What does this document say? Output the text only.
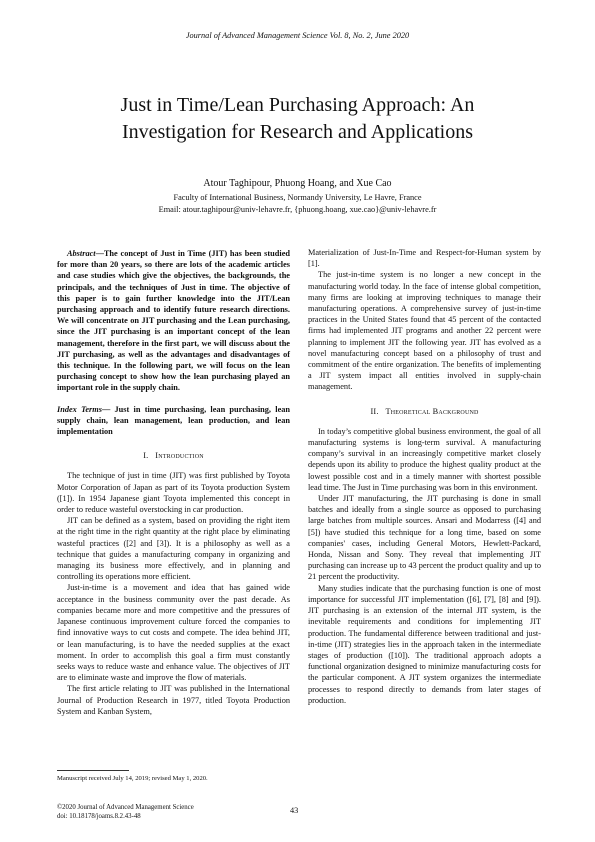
Journal of Advanced Management Science Vol. 8, No. 2, June 2020
Just in Time/Lean Purchasing Approach: An
Investigation for Research and Applications
Atour Taghipour, Phuong Hoang, and Xue Cao
Faculty of International Business, Normandy University, Le Havre, France
Email: atour.taghipour@univ-lehavre.fr, {phuong.hoang, xue.cao}@univ-lehavre.fr

Abstract—The concept of Just in Time (JIT) has been studied for more than 20 years, so there are lots of the academic articles and case studies which give the objectives, the backgrounds, the principals, and the techniques of Just in time. The objective of this paper is to gain further knowledge into the JIT/Lean purchasing approach and to identify future research directions. We will concentrate on JIT purchasing and the Lean purchasing, since the JIT purchasing is an important concept of the lean management, therefore in the first part, we will discuss about the JIT purchasing, as well as the advantages and disadvantages of this technique. In the following part, we will focus on the lean purchasing concept to show how the lean purchasing played an important role in the supply chain.

Index Terms— Just in time purchasing, lean purchasing, lean supply chain, lean management, lean production, and lean implementation

I. Introduction

The technique of just in time (JIT) was first published by Toyota Motor Corporation of Japan as part of its Toyota production System ([1]). In 1954 Japanese giant Toyota implemented this concept in order to reduce wasteful overstocking in car production.

JIT can be defined as a system, based on providing the right item at the right time in the right quantity at the right place by eliminating wasteful practices ([2] and [3]). It is a philosophy as well as a technique that guides a manufacturing company in organizing and managing its business more effectively, and in planning and controlling its operations more efficient.

Just-in-time is a movement and idea that has gained wide acceptance in the business community over the past decade. As companies became more and more competitive and the pressures of Japanese continuous improvement culture forced the companies to find innovative ways to cut costs and compete. The idea behind JIT, or lean manufacturing, is to have the needed supplies at the exact moment. In order to accomplish this goal a firm must constantly seeks ways to reduce waste and enhance value. The objectives of JIT are to eliminate waste and improve the flow of materials.

The first article relating to JIT was published in the International Journal of Production Research in 1977, titled Toyota Production System and Kanban System,

Materialization of Just-In-Time and Respect-for-Human system by [1].

The just-in-time system is no longer a new concept in the manufacturing world today. In the face of intense global competition, many firms are looking at improving techniques to manage their manufacturing operations. A comprehensive survey of just-in-time practices in the United States found that 45 percent of the contacted firms had implemented JIT programs and another 22 percent were planning to implement JIT the following year. JIT has evolved as a novel manufacturing concept based on a philosophy of trust and commitment of the entire organization. The benefits of implementing a JIT system impact all entities involved in supply-chain management.

II. Theoretical Background

In today’s competitive global business environment, the goal of all manufacturing systems is long-term survival. A manufacturing company’s survival in an increasingly competitive market closely depends upon its ability to produce the highest quality product at the lowest possible cost and in a timely manner with shortest possible lead time. The Just in Time purchasing was born in this environment.

Under JIT manufacturing, the JIT purchasing is done in small batches and ideally from a single source as opposed to purchasing large batches from multiple sources. Ansari and Modarress ([4] and [5]) have studied this technique for a long time, based on some companies' cases, including General Motors, Hewlett-Packard, Honda, Nissan and Sony. They reveal that implementing JIT purchasing can increase up to 43 percent the product quality and up to 21 percent the productivity.

Many studies indicate that the purchasing function is one of most importance for successful JIT implementation ([6], [7], [8] and [9]). JIT purchasing is an extension of the internal JIT system, is the inevitable requirements and conditions for implementing JIT production. The fundamental difference between traditional and just-in-time (JIT) strategies lies in the approach taken in the intermediate stages of production ([10]). The traditional approach adopts a functional organization designed to minimize manufacturing costs for the particular component. A JIT system organizes the intermediate processes to respond directly to demands from later stages of production.

Manuscript received July 14, 2019; revised May 1, 2020.
©2020 Journal of Advanced Management Science
doi: 10.18178/joams.8.2.43-48
43
